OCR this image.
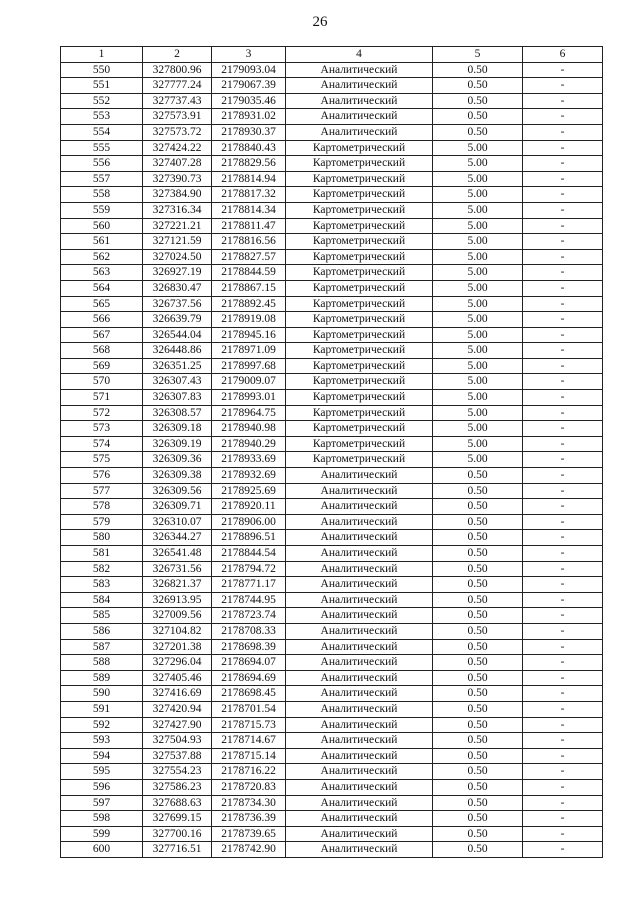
26
1	2	3	4	5	6
550	327800.96	2179093.04	Аналитический	0.50	-
551	327777.24	2179067.39	Аналитический	0.50	-
552	327737.43	2179035.46	Аналитический	0.50	-
553	327573.91	2178931.02	Аналитический	0.50	-
554	327573.72	2178930.37	Аналитический	0.50	-
555	327424.22	2178840.43	Картометрический	5.00	-
556	327407.28	2178829.56	Картометрический	5.00	-
557	327390.73	2178814.94	Картометрический	5.00	-
558	327384.90	2178817.32	Картометрический	5.00	-
559	327316.34	2178814.34	Картометрический	5.00	-
560	327221.21	2178811.47	Картометрический	5.00	-
561	327121.59	2178816.56	Картометрический	5.00	-
562	327024.50	2178827.57	Картометрический	5.00	-
563	326927.19	2178844.59	Картометрический	5.00	-
564	326830.47	2178867.15	Картометрический	5.00	-
565	326737.56	2178892.45	Картометрический	5.00	-
566	326639.79	2178919.08	Картометрический	5.00	-
567	326544.04	2178945.16	Картометрический	5.00	-
568	326448.86	2178971.09	Картометрический	5.00	-
569	326351.25	2178997.68	Картометрический	5.00	-
570	326307.43	2179009.07	Картометрический	5.00	-
571	326307.83	2178993.01	Картометрический	5.00	-
572	326308.57	2178964.75	Картометрический	5.00	-
573	326309.18	2178940.98	Картометрический	5.00	-
574	326309.19	2178940.29	Картометрический	5.00	-
575	326309.36	2178933.69	Картометрический	5.00	-
576	326309.38	2178932.69	Аналитический	0.50	-
577	326309.56	2178925.69	Аналитический	0.50	-
578	326309.71	2178920.11	Аналитический	0.50	-
579	326310.07	2178906.00	Аналитический	0.50	-
580	326344.27	2178896.51	Аналитический	0.50	-
581	326541.48	2178844.54	Аналитический	0.50	-
582	326731.56	2178794.72	Аналитический	0.50	-
583	326821.37	2178771.17	Аналитический	0.50	-
584	326913.95	2178744.95	Аналитический	0.50	-
585	327009.56	2178723.74	Аналитический	0.50	-
586	327104.82	2178708.33	Аналитический	0.50	-
587	327201.38	2178698.39	Аналитический	0.50	-
588	327296.04	2178694.07	Аналитический	0.50	-
589	327405.46	2178694.69	Аналитический	0.50	-
590	327416.69	2178698.45	Аналитический	0.50	-
591	327420.94	2178701.54	Аналитический	0.50	-
592	327427.90	2178715.73	Аналитический	0.50	-
593	327504.93	2178714.67	Аналитический	0.50	-
594	327537.88	2178715.14	Аналитический	0.50	-
595	327554.23	2178716.22	Аналитический	0.50	-
596	327586.23	2178720.83	Аналитический	0.50	-
597	327688.63	2178734.30	Аналитический	0.50	-
598	327699.15	2178736.39	Аналитический	0.50	-
599	327700.16	2178739.65	Аналитический	0.50	-
600	327716.51	2178742.90	Аналитический	0.50	-
